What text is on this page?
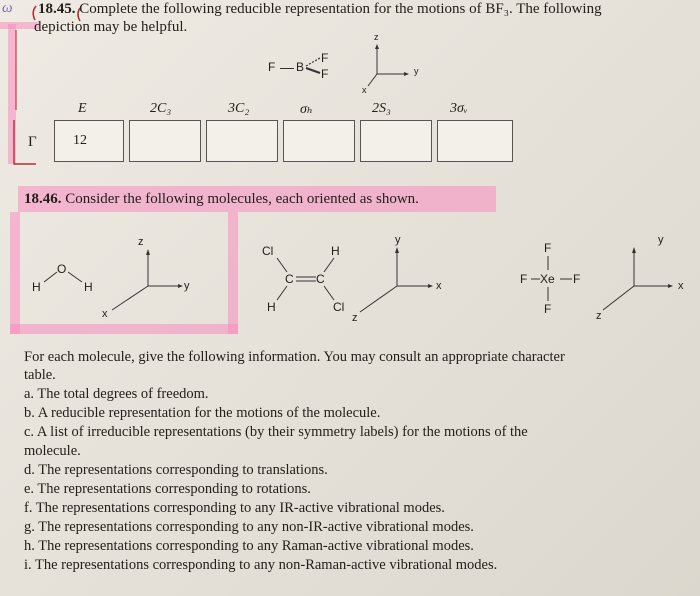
ω 18.45. Complete the following reducible representation for the motions of BF₃. The following
depiction may be helpful.
F B
F
F
z
y
x
E	2C₃	3C₂	σₕ	2S₃	3σᵥ
Γ	12
18.46. Consider the following molecules, each oriented as shown.
O
H	H
z
y
x
Cl	H
C C
H	Cl
y
x
z
F
F Xe F
F
y
x
z
For each molecule, give the following information. You may consult an appropriate character
table.
a. The total degrees of freedom.
b. A reducible representation for the motions of the molecule.
c. A list of irreducible representations (by their symmetry labels) for the motions of the
molecule.
d. The representations corresponding to translations.
e. The representations corresponding to rotations.
f. The representations corresponding to any IR-active vibrational modes.
g. The representations corresponding to any non-IR-active vibrational modes.
h. The representations corresponding to any Raman-active vibrational modes.
i. The representations corresponding to any non-Raman-active vibrational modes.
